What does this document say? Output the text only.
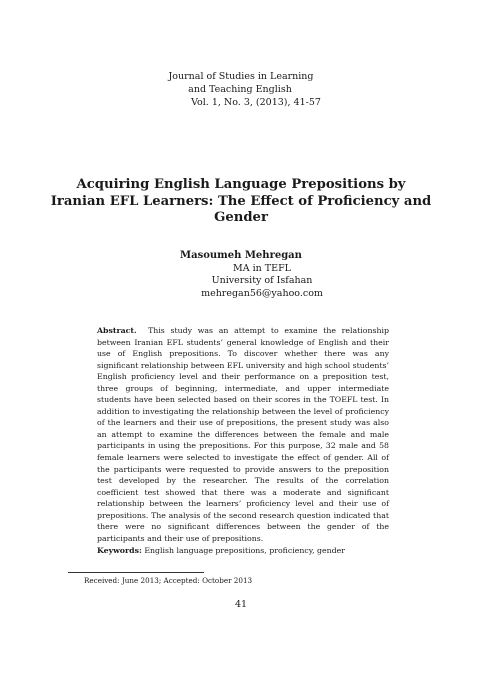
Journal of Studies in Learning
and Teaching English
Vol. 1, No. 3, (2013), 41-57
Acquiring English Language Prepositions by Iranian EFL Learners: The Effect of Proficiency and Gender
Masoumeh Mehregan
MA in TEFL
University of Isfahan
mehregan56@yahoo.com

Abstract. This study was an attempt to examine the relationship between Iranian EFL students’ general knowledge of English and their use of English prepositions. To discover whether there was any significant relationship between EFL university and high school students’ English proficiency level and their performance on a preposition test, three groups of beginning, intermediate, and upper intermediate students have been selected based on their scores in the TOEFL test. In addition to investigating the relationship between the level of proficiency of the learners and their use of prepositions, the present study was also an attempt to examine the differences between the female and male participants in using the prepositions. For this purpose, 32 male and 58 female learners were selected to investigate the effect of gender. All of the participants were requested to provide answers to the preposition test developed by the researcher. The results of the correlation coefficient test showed that there was a moderate and significant relationship between the learners’ proficiency level and their use of prepositions. The analysis of the second research question indicated that there were no significant differences between the gender of the participants and their use of prepositions.

Keywords: English language prepositions, proficiency, gender
Received: June 2013; Accepted: October 2013
41
